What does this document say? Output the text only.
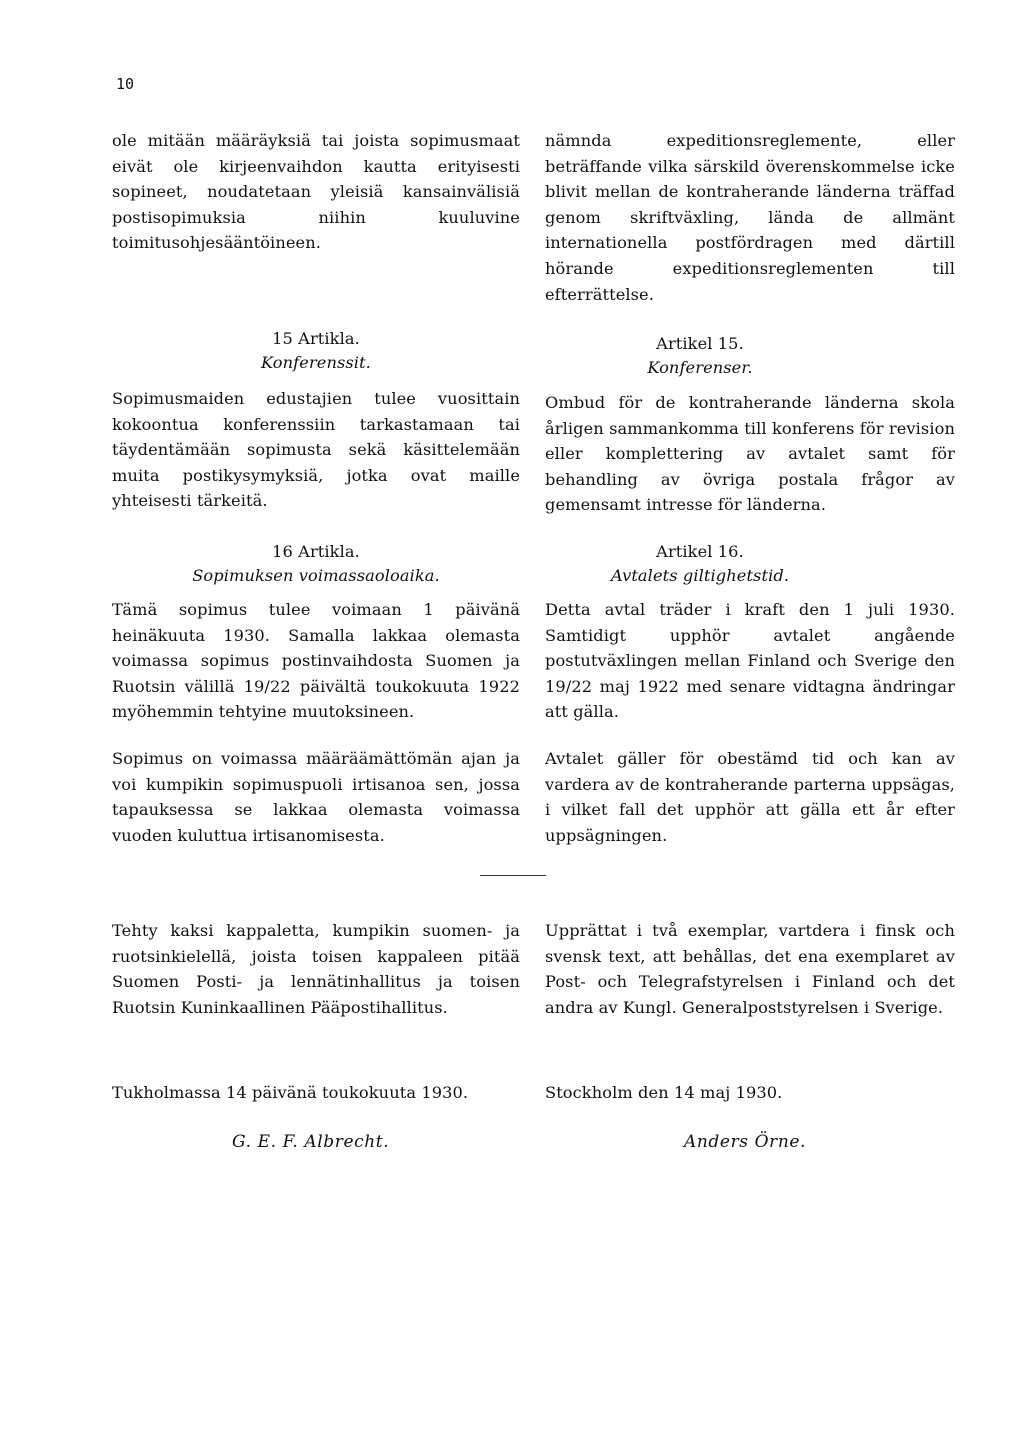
10
ole mitään määräyksiä tai joista sopimusmaat eivät ole kirjeenvaihdon kautta erityisesti sopineet, noudatetaan yleisiä kansainvälisiä postisopimuksia niihin kuuluvine toimitusohjesääntöineen.
15 Artikla.
Konferenssit.
Sopimusmaiden edustajien tulee vuosittain kokoontua konferenssiin tarkastamaan tai täydentämään sopimusta sekä käsittelemään muita postikysymyksiä, jotka ovat maille yhteisesti tärkeitä.
16 Artikla.
Sopimuksen voimassaoloaika.
Tämä sopimus tulee voimaan 1 päivänä heinäkuuta 1930. Samalla lakkaa olemasta voimassa sopimus postinvaihdosta Suomen ja Ruotsin välillä 19/22 päivältä toukokuuta 1922 myöhemmin tehtyine muutoksineen.
Sopimus on voimassa määräämättömän ajan ja voi kumpikin sopimuspuoli irtisanoa sen, jossa tapauksessa se lakkaa olemasta voimassa vuoden kuluttua irtisanomisesta.
Tehty kaksi kappaletta, kumpikin suomen- ja ruotsinkielellä, joista toisen kappaleen pitää Suomen Posti- ja lennätinhallitus ja toisen Ruotsin Kuninkaallinen Pääpostihallitus.
Tukholmassa 14 päivänä toukokuuta 1930.
G. E. F. Albrecht.
nämnda expeditionsreglemente, eller beträffande vilka särskild överenskommelse icke blivit mellan de kontraherande länderna träffad genom skriftväxling, lända de allmänt internationella postfördragen med därtill hörande expeditionsreglementen till efterrättelse.
Artikel 15.
Konferenser.
Ombud för de kontraherande länderna skola årligen sammankomma till konferens för revision eller komplettering av avtalet samt för behandling av övriga postala frågor av gemensamt intresse för länderna.
Artikel 16.
Avtalets giltighetstid.
Detta avtal träder i kraft den 1 juli 1930. Samtidigt upphör avtalet angående postutväxlingen mellan Finland och Sverige den 19/22 maj 1922 med senare vidtagna ändringar att gälla.
Avtalet gäller för obestämd tid och kan av vardera av de kontraherande parterna uppsägas, i vilket fall det upphör att gälla ett år efter uppsägningen.
Upprättat i två exemplar, vartdera i finsk och svensk text, att behållas, det ena exemplaret av Post- och Telegrafstyrelsen i Finland och det andra av Kungl. Generalpoststyrelsen i Sverige.
Stockholm den 14 maj 1930.
Anders Örne.
